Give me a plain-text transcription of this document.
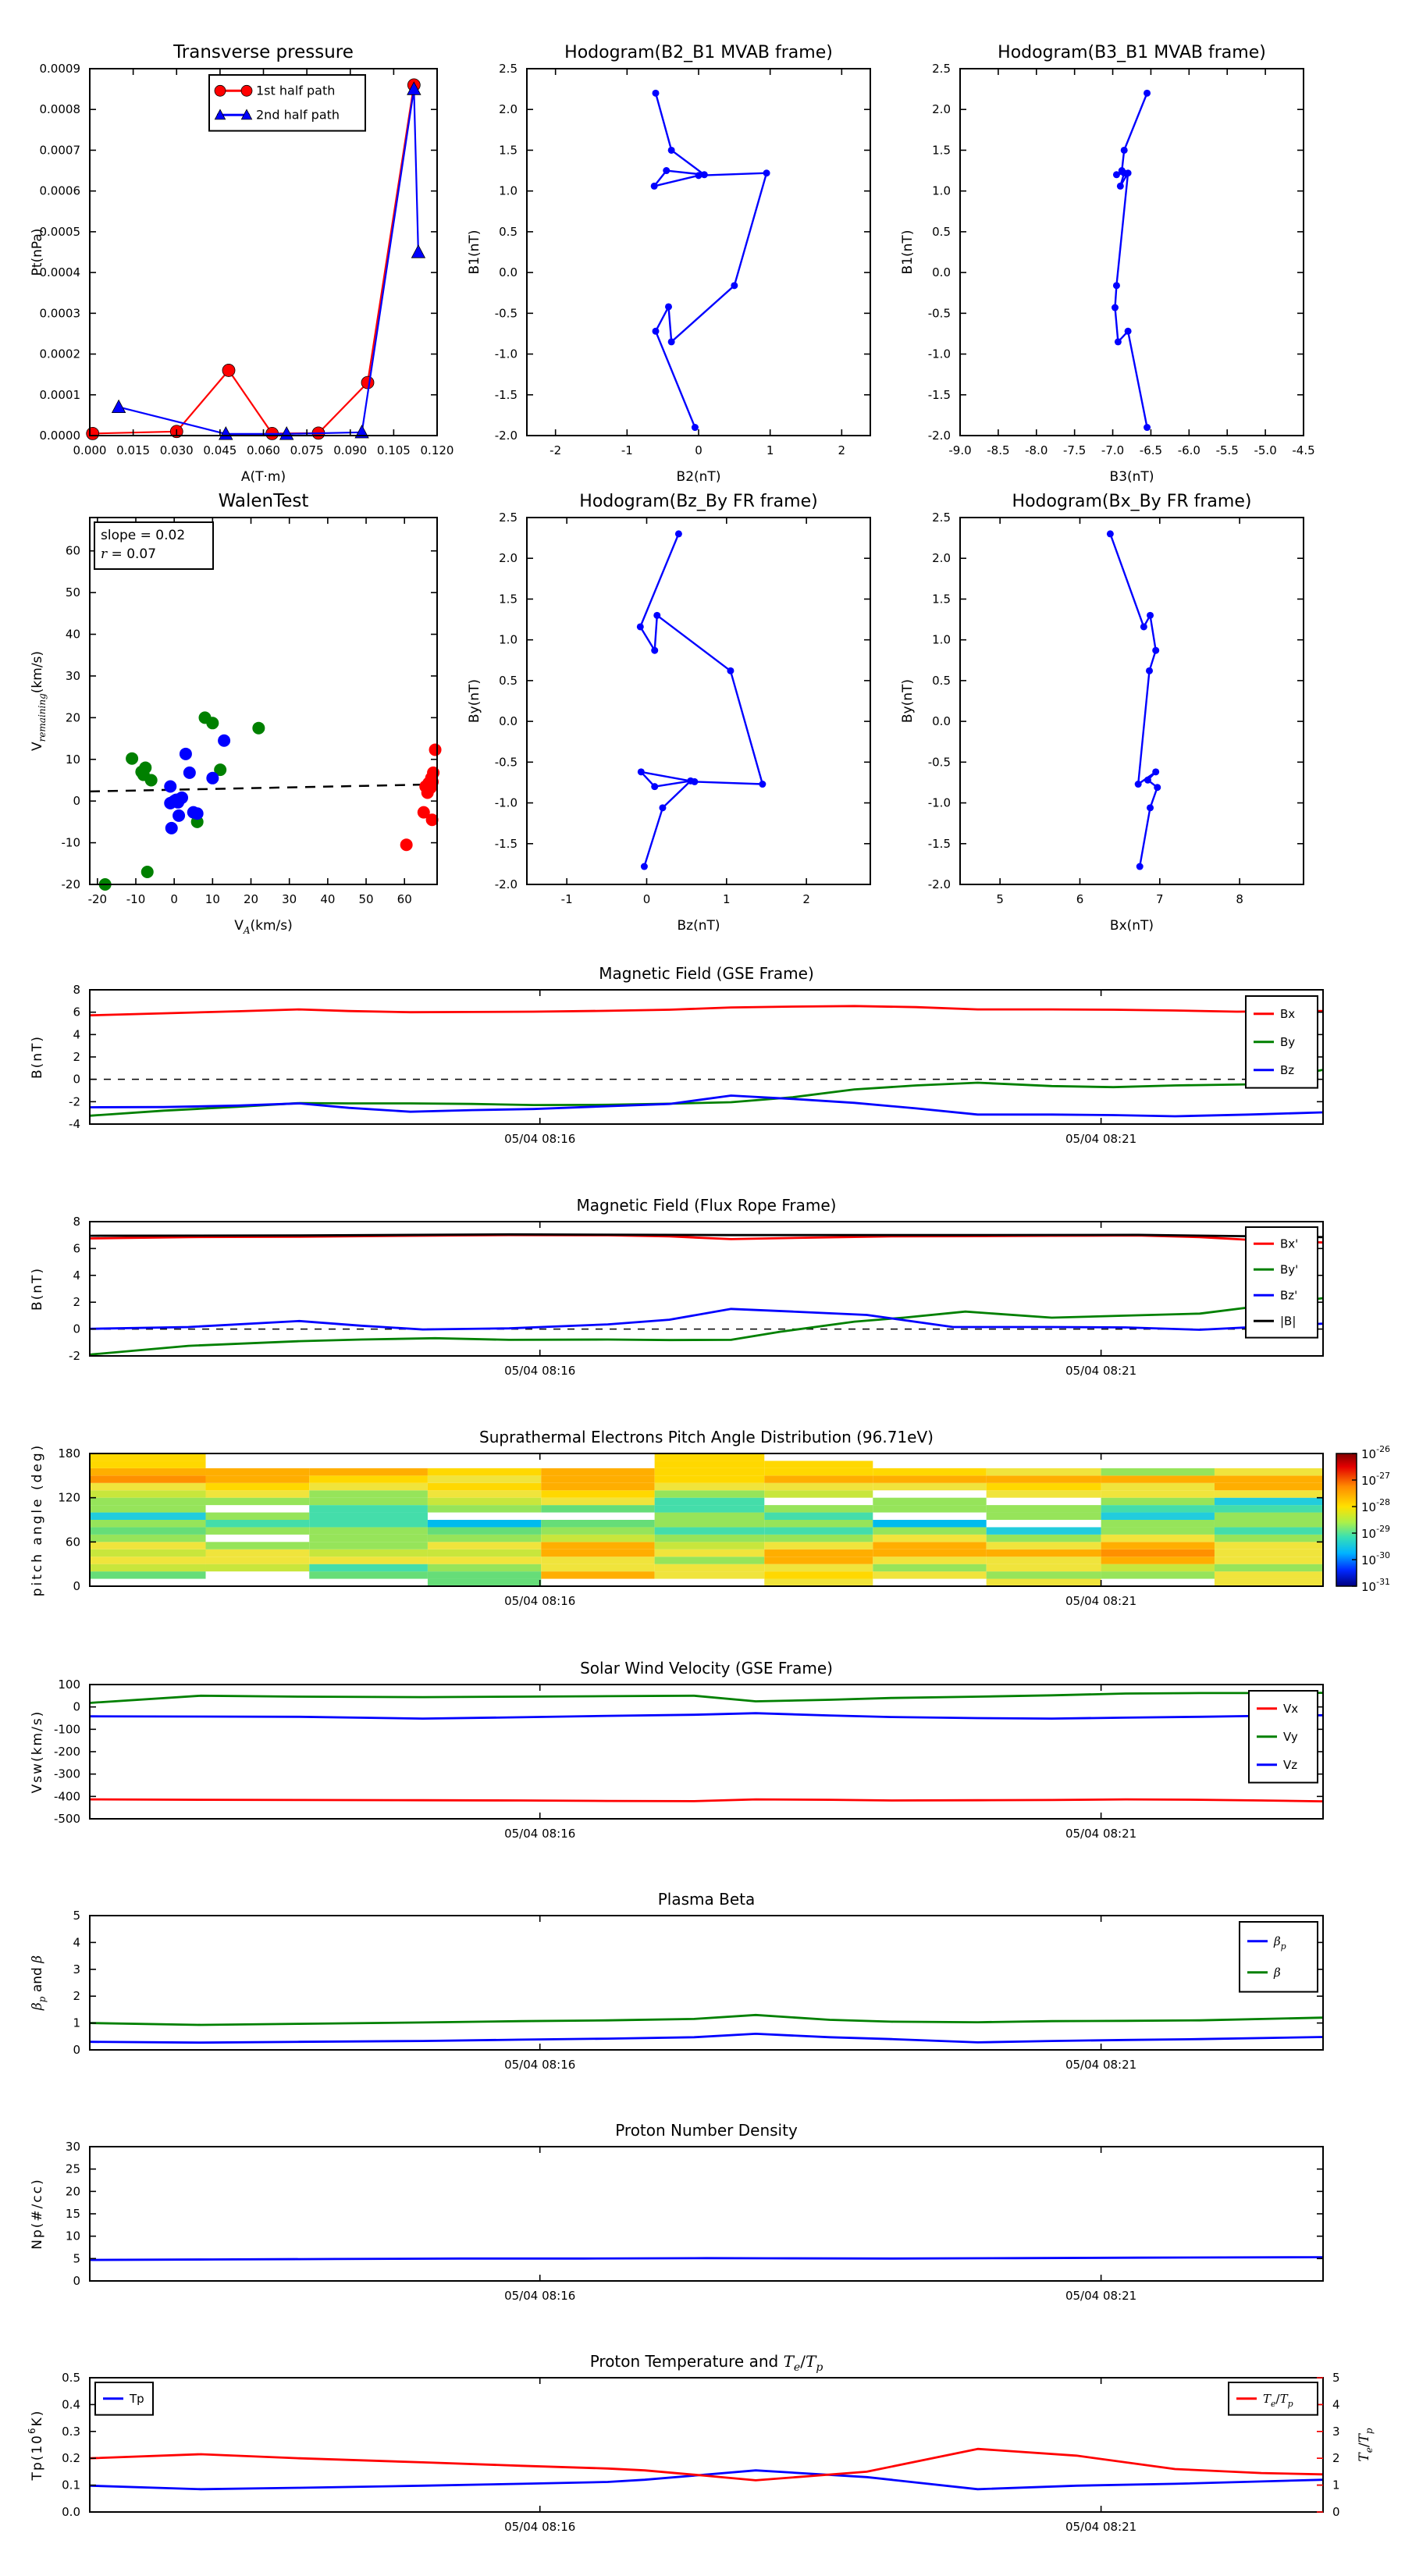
0.000 0.015 0.030 0.045 0.060 0.075 0.090 0.105 0.120
0.0000
0.0001
0.0002
0.0003
0.0004
0.0005
0.0006
0.0007
0.0008
0.0009
Transverse pressure
A(T·m)
Pt(nPa)
1st half path
2nd half path
-2	-1	0	1	2
-2.0
-1.5
-1.0
-0.5
0.0
0.5
1.0
1.5
2.0
2.5
Hodogram(B2_B1 MVAB frame)
B2(nT)
B1(nT)
-9.0 -8.5 -8.0 -7.5 -7.0 -6.5 -6.0 -5.5 -5.0 -4.5
-2.0
-1.5
-1.0
-0.5
0.0
0.5
1.0
1.5
2.0
2.5
Hodogram(B3_B1 MVAB frame)
B3(nT)
B1(nT)
-20 -10 0 10 20 30 40 50 60
-20
-10
0
10
20
30
40
50
60
WalenTest
$V_A(km/s)$
$V_{remaining}(km/s)$
slope = 0.02
r = 0.07
-1	0	1	2
-2.0
-1.5
-1.0
-0.5
0.0
0.5
1.0
1.5
2.0
2.5
Hodogram(Bz_By FR frame)
Bz(nT)
By(nT)
5	6	7	8
-2.0
-1.5
-1.0
-0.5
0.0
0.5
1.0
1.5
2.0
2.5
Hodogram(Bx_By FR frame)
Bx(nT)
By(nT)
05/04 08:16	05/04 08:21
-4
-2
0
2
4
6
8
Magnetic Field (GSE Frame)
B(nT)
Bx
By
Bz
05/04 08:16	05/04 08:21
-2
0
2
4
6
8
Magnetic Field (Flux Rope Frame)
B(nT)
Bx'
By'
Bz'
|B|
05/04 08:16	05/04 08:21
0
60
120
180
Suprathermal Electrons Pitch Angle Distribution (96.71eV)
pitch angle (deg)	$10^{-26}$
$10^{-27}$
$10^{-28}$
$10^{-29}$
$10^{-30}$
$10^{-31}$
05/04 08:16	05/04 08:21
-500
-400
-300
-200
-100
0
100
Solar Wind Velocity (GSE Frame)
Vsw(km/s)
Vx
Vy
Vz
05/04 08:16	05/04 08:21
0
1
2
3
4
5
Plasma Beta
$\beta_p$ and β
$\beta_p$
β
05/04 08:16	05/04 08:21
0
5
10
15
20
25
30
Proton Number Density
Np(#/cc)
05/04 08:16	05/04 08:21
0.0
0.1
0.2
0.3
0.4
0.5
0
1
2
3
4
5
Proton Temperature and $T_e/T_p$
$Tp(10^6K)$
$T_e/T_p$
Tp	$T_e/T_p$
